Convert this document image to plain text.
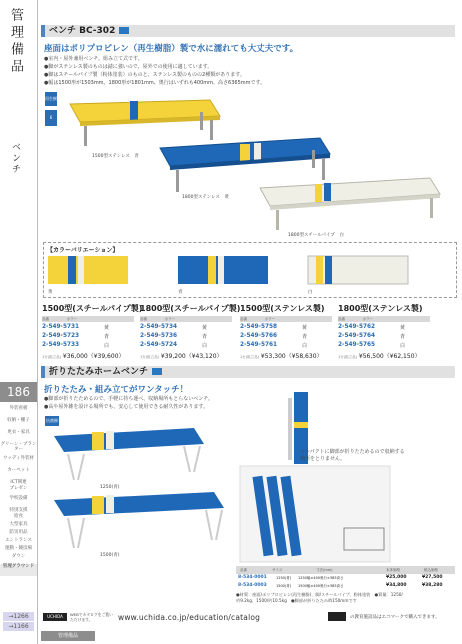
管理備品
ベンチ
186
外装看板
収納・棚子
更衣・家具
グリーン・プランター
ウッディ外装材
カーペット
ICT関連
プレゼン
学校設備
特別支援
給食
大型家具
防災用品
エントランス
運動・競技場
ダウン
管理グラウンド
→1266
→1166
ベンチ BC-302
座面はポリプロピレン（再生樹脂）製で水に濡れても大丈夫です。
●室内・屋外兼用ベンチ。組み立て式です。
●脚がステンレス製のものは錆に強いので、屋外での使用に適しています。
●脚はスチールパイプ製（粉体塗装）のものと、ステンレス製のものの2種類があります。
●幅は1500形が1503mm、1800形が1801mm、奥行はいずれも400mm、高さ6365mmです。
再生樹
6
1500型ステンレス　青
1800型ステンレス　黄
1800型スチールパイプ　白
【カラーバリエーション】
黄	青	白
1500型(スチールパイプ製)
1800型(スチールパイプ製) 1500型(ステンレス製) 1800型(ステンレス製)
品番　　　　　カラー	品番　　　　　カラー	品番　　　　　カラー	品番　　　　　カラー
2-549-5731	黄
2-549-5723	青
2-549-5733	白
1台(組立品) ¥36,000（¥39,600）
2-549-5734	黄
2-549-5736	青
2-549-5724	白
1台(組立品) ¥39,200（¥43,120）
2-549-5758	黄
2-549-5766	青
2-549-5761	白
1台(組立品) ¥53,300（¥58,630）
2-549-5762	黄
2-549-5764	青
2-549-5765	白
1台(組立品) ¥56,500（¥62,150）
折りたたみホームベンチ
折りたたみ・組み立てがワンタッチ！
●脚部が折りたためるので、手軽に持ち運べ、収納場所もとらないベンチ。
●高や屋外雑を設ける場所でも、安心して使用できる耐久性があります。
抗菌樹脂
1250(青)
1500(青)
コンパクトに脚部が折りたためるので収納する
場所をとりません。
品番	サイズ	寸法(mm)	本体価格	税込価格
8-534-0001	1250(青) 1250幅×400奥行×385高さ	¥25,000	¥27,500
8-534-0003	1500(青) 1500幅×400奥行×385高さ	¥34,800	¥38,280
●材質：座面/ポリプロピレン(再生樹脂)、脚/スチールパイプ、粉体塗装　●質量：1250/
約9.2kg、1500/約10.5kg　●脚部が折りたたみ時150mmです
UCHIDA	WEBでカタログをご覧いただけます。	www.uchida.co.jp/education/catalog	の教育施設品はエコマークで購入できます。
管理備品
